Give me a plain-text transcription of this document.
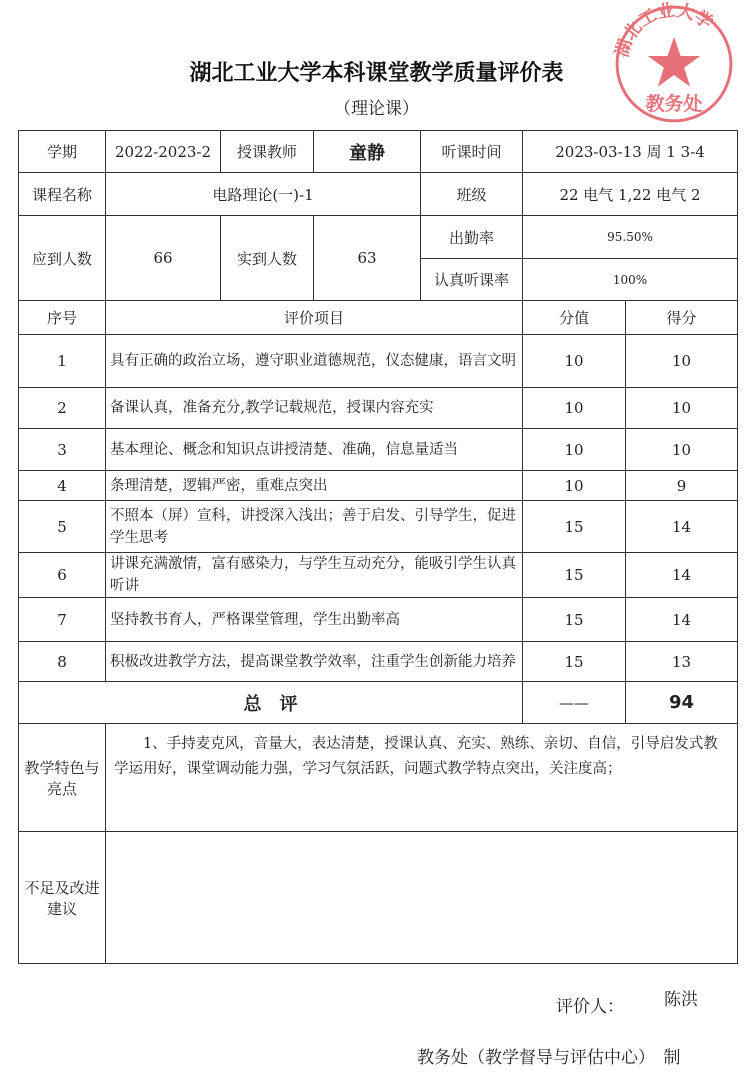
教务处
湖北工业大学
湖北工业大学本科课堂教学质量评价表
（理论课）
学期	2022-2023-2	授课教师	童静	听课时间	2023-03-13 周 1 3-4	
课程名称	电路理论(一)-1			班级	22 电气 1,22 电气 2	
应到人数	66	实到人数	63	出勤率	95.50%	
				认真听课率	100%	
序号	评价项目				分值	得分
1	具有正确的政治立场，遵守职业道德规范，仪态健康，语言文明				10	10
2	备课认真，准备充分,教学记载规范，授课内容充实				10	10
3	基本理论、概念和知识点讲授清楚、准确，信息量适当				10	10
4	条理清楚，逻辑严密，重难点突出				10	9
5	不照本（屏）宣科，讲授深入浅出；善于启发、引导学生，促进学生思考				15	14
6	讲课充满激情，富有感染力，与学生互动充分，能吸引学生认真听讲				15	14
7	坚持教书育人，严格课堂管理，学生出勤率高				15	14
8	积极改进教学方法，提高课堂教学效率，注重学生创新能力培养				15	13
总　评					——	94
教学特色与亮点	1、手持麦克风，音量大，表达清楚，授课认真、充实、熟练、亲切、自信，引导启发式教学运用好，课堂调动能力强，学习气氛活跃，问题式教学特点突出，关注度高；					
不足及改进建议						
评价人： 陈洪
教务处（教学督导与评估中心）　制
